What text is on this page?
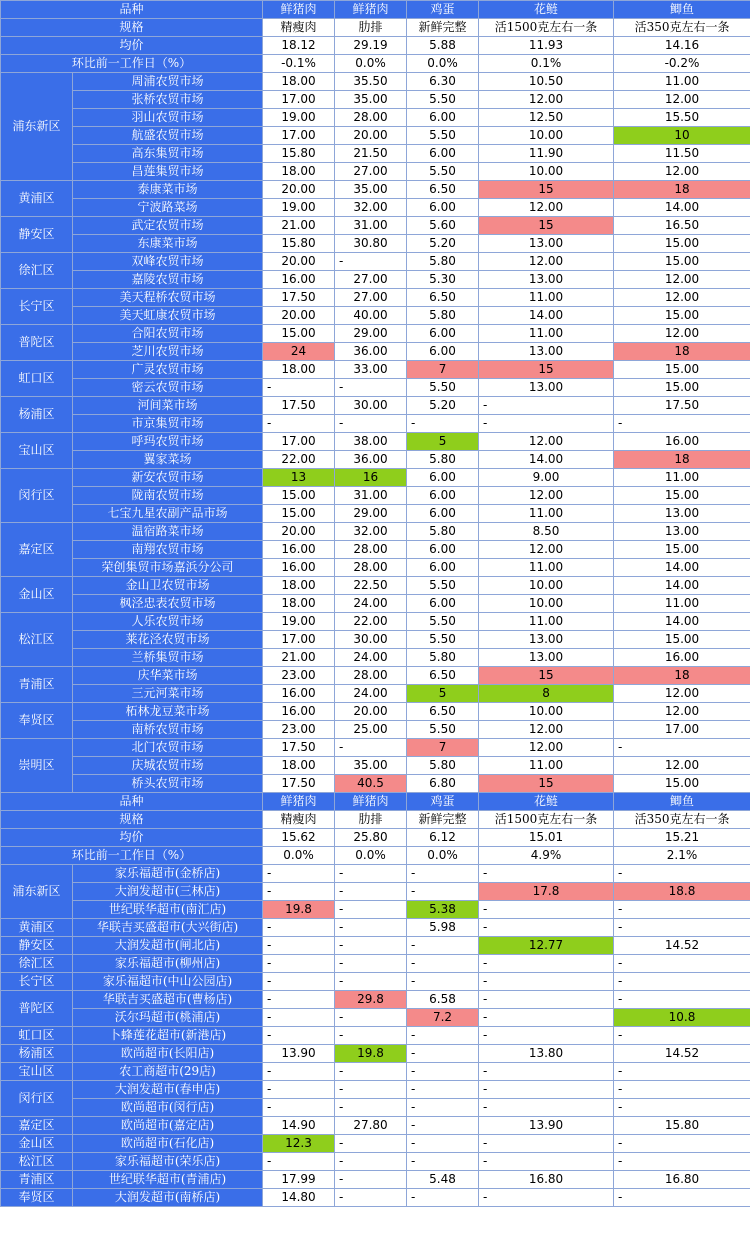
品种		鲜猪肉	鲜猪肉	鸡蛋	花鲢	鲫鱼
规格		精瘦肉	肋排	新鲜完整	活1500克左右一条	活350克左右一条
均价		18.12	29.19	5.88	11.93	14.16
环比前一工作日（%）		-0.1%	0.0%	0.0%	0.1%	-0.2%
浦东新区	周浦农贸市场	18.00	35.50	6.30	10.50	11.00
	张桥农贸市场	17.00	35.00	5.50	12.00	12.00
	羽山农贸市场	19.00	28.00	6.00	12.50	15.50
	航盛农贸市场	17.00	20.00	5.50	10.00	10
	高东集贸市场	15.80	21.50	6.00	11.90	11.50
	昌莲集贸市场	18.00	27.00	5.50	10.00	12.00
黄浦区	泰康菜市场	20.00	35.00	6.50	15	18
	宁波路菜场	19.00	32.00	6.00	12.00	14.00
静安区	武定农贸市场	21.00	31.00	5.60	15	16.50
	东康菜市场	15.80	30.80	5.20	13.00	15.00
徐汇区	双峰农贸市场	20.00	-	5.80	12.00	15.00
	嘉陵农贸市场	16.00	27.00	5.30	13.00	12.00
长宁区	美天程桥农贸市场	17.50	27.00	6.50	11.00	12.00
	美天虹康农贸市场	20.00	40.00	5.80	14.00	15.00
普陀区	合阳农贸市场	15.00	29.00	6.00	11.00	12.00
	芝川农贸市场	24	36.00	6.00	13.00	18
虹口区	广灵农贸市场	18.00	33.00	7	15	15.00
	密云农贸市场	-	-	5.50	13.00	15.00
杨浦区	河间菜市场	17.50	30.00	5.20	-	17.50
	市京集贸市场	-	-	-	-	-
宝山区	呼玛农贸市场	17.00	38.00	5	12.00	16.00
	翼家菜场	22.00	36.00	5.80	14.00	18
闵行区	新安农贸市场	13	16	6.00	9.00	11.00
	陇南农贸市场	15.00	31.00	6.00	12.00	15.00
	七宝九星农副产品市场	15.00	29.00	6.00	11.00	13.00
嘉定区	温宿路菜市场	20.00	32.00	5.80	8.50	13.00
	南翔农贸市场	16.00	28.00	6.00	12.00	15.00
	荣创集贸市场嘉浜分公司	16.00	28.00	6.00	11.00	14.00
金山区	金山卫农贸市场	18.00	22.50	5.50	10.00	14.00
	枫泾忠表农贸市场	18.00	24.00	6.00	10.00	11.00
松江区	人乐农贸市场	19.00	22.00	5.50	11.00	14.00
	莱花泾农贸市场	17.00	30.00	5.50	13.00	15.00
	兰桥集贸市场	21.00	24.00	5.80	13.00	16.00
青浦区	庆华菜市场	23.00	28.00	6.50	15	18
	三元河菜市场	16.00	24.00	5	8	12.00
奉贤区	柘林龙豆菜市场	16.00	20.00	6.50	10.00	12.00
	南桥农贸市场	23.00	25.00	5.50	12.00	17.00
崇明区	北门农贸市场	17.50	-	7	12.00	-
	庆城农贸市场	18.00	35.00	5.80	11.00	12.00
	桥头农贸市场	17.50	40.5	6.80	15	15.00
品种		鲜猪肉	鲜猪肉	鸡蛋	花鲢	鲫鱼
规格		精瘦肉	肋排	新鲜完整	活1500克左右一条	活350克左右一条
均价		15.62	25.80	6.12	15.01	15.21
环比前一工作日（%）		0.0%	0.0%	0.0%	4.9%	2.1%
浦东新区	家乐福超市(金桥店)	-	-	-	-	-
	大润发超市(三林店)	-	-	-	17.8	18.8
	世纪联华超市(南汇店)	19.8	-	5.38	-	-
黄浦区	华联吉买盛超市(大兴街店)	-	-	5.98	-	-
静安区	大润发超市(闸北店)	-	-	-	12.77	14.52
徐汇区	家乐福超市(柳州店)	-	-	-	-	-
长宁区	家乐福超市(中山公园店)	-	-	-	-	-
普陀区	华联吉买盛超市(曹杨店)	-	29.8	6.58	-	-
	沃尔玛超市(桃浦店)	-	-	7.2	-	10.8
虹口区	卜蜂莲花超市(新港店)	-	-	-	-	-
杨浦区	欧尚超市(长阳店)	13.90	19.8	-	13.80	14.52
宝山区	农工商超市(29店)	-	-	-	-	-
闵行区	大润发超市(春申店)	-	-	-	-	-
	欧尚超市(闵行店)	-	-	-	-	-
嘉定区	欧尚超市(嘉定店)	14.90	27.80	-	13.90	15.80
金山区	欧尚超市(石化店)	12.3	-	-	-	-
松江区	家乐福超市(荣乐店)	-	-	-	-	-
青浦区	世纪联华超市(青浦店)	17.99	-	5.48	16.80	16.80
奉贤区	大润发超市(南桥店)	14.80	-	-	-	-
